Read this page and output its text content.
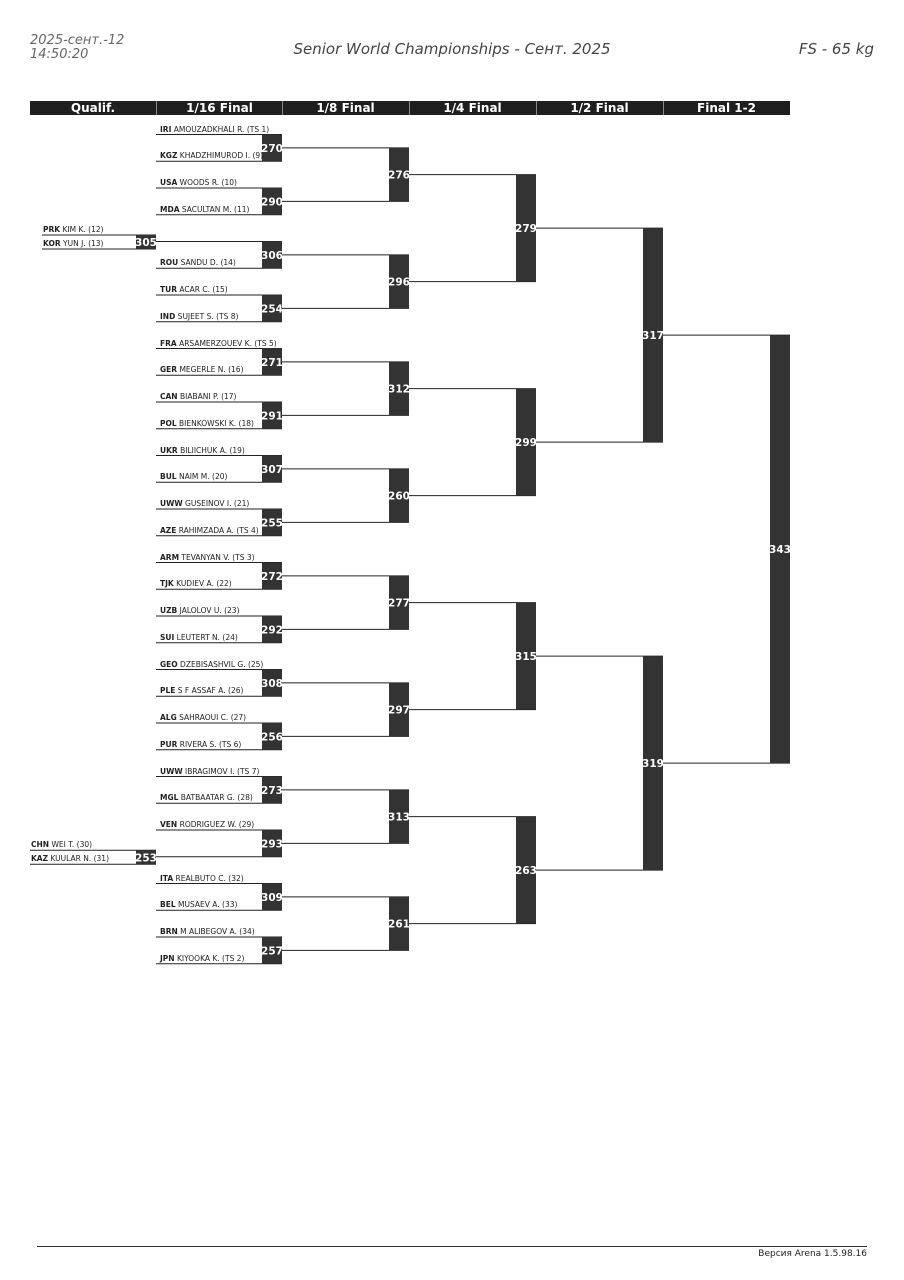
2025-сент.-12
14:50:20	Senior World Championships - Сент. 2025	FS - 65 kg
Qualif.	1/16 Final	1/8 Final	1/4 Final	1/2 Final	Final 1-2
305
253
270
290
306
254
271
291
307
255
272
292
308
256
273
293
309
257
276
296
312
260
277
297
313
261
279
299
315
263
317
319
343
IRI AMOUZADKHALI R. (TS 1)
KGZ KHADZHIMUROD I. (9)
USA WOODS R. (10)
MDA SACULTAN M. (11)
ROU SANDU D. (14)
TUR ACAR C. (15)
IND SUJEET S. (TS 8)
FRA ARSAMERZOUEV K. (TS 5)
GER MEGERLE N. (16)
CAN BIABANI P. (17)
POL BIENKOWSKI K. (18)
UKR BILIICHUK A. (19)
BUL NAIM M. (20)
UWW GUSEINOV I. (21)
AZE RAHIMZADA A. (TS 4)
ARM TEVANYAN V. (TS 3)
TJK KUDIEV A. (22)
UZB JALOLOV U. (23)
SUI LEUTERT N. (24)
GEO DZEBISASHVIL G. (25)
PLE S F ASSAF A. (26)
ALG SAHRAOUI C. (27)
PUR RIVERA S. (TS 6)
UWW IBRAGIMOV I. (TS 7)
MGL BATBAATAR G. (28)
VEN RODRIGUEZ W. (29)
ITA REALBUTO C. (32)
BEL MUSAEV A. (33)
BRN M ALIBEGOV A. (34)
JPN KIYOOKA K. (TS 2)
PRK KIM K. (12)
KOR YUN J. (13)
CHN WEI T. (30)
KAZ KUULAR N. (31)
Версия Arena 1.5.98.16
